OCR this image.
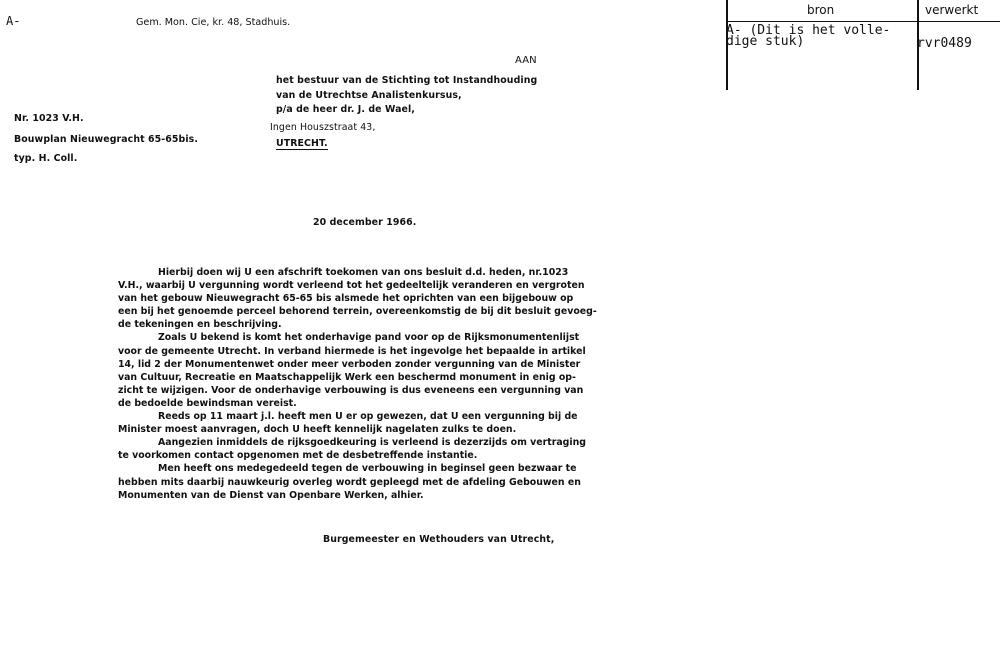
A-	Gem. Mon. Cie, kr. 48, Stadhuis.
bron	verwerkt
A- (Dit is het volle-
dige stuk)	rvr0489
AAN
het bestuur van de Stichting tot Instandhouding
van de Utrechtse Analistenkursus,
p/a de heer dr. J. de Wael,
Ingen Houszstraat 43,
UTRECHT.
Nr. 1023 V.H.
Bouwplan Nieuwegracht 65-65bis.
typ. H. Coll.
20 december 1966.

Hierbij doen wij U een afschrift toekomen van ons besluit d.d. heden, nr.1023

V.H., waarbij U vergunning wordt verleend tot het gedeeltelijk veranderen en vergroten

van het gebouw Nieuwegracht 65-65 bis alsmede het oprichten van een bijgebouw op

een bij het genoemde perceel behorend terrein, overeenkomstig de bij dit besluit gevoeg-

de tekeningen en beschrijving.

Zoals U bekend is komt het onderhavige pand voor op de Rijksmonumentenlijst

voor de gemeente Utrecht. In verband hiermede is het ingevolge het bepaalde in artikel

14, lid 2 der Monumentenwet onder meer verboden zonder vergunning van de Minister

van Cultuur, Recreatie en Maatschappelijk Werk een beschermd monument in enig op-

zicht te wijzigen. Voor de onderhavige verbouwing is dus eveneens een vergunning van

de bedoelde bewindsman vereist.

Reeds op 11 maart j.l. heeft men U er op gewezen, dat U een vergunning bij de

Minister moest aanvragen, doch U heeft kennelijk nagelaten zulks te doen.

Aangezien inmiddels de rijksgoedkeuring is verleend is dezerzijds om vertraging

te voorkomen contact opgenomen met de desbetreffende instantie.

Men heeft ons medegedeeld tegen de verbouwing in beginsel geen bezwaar te

hebben mits daarbij nauwkeurig overleg wordt gepleegd met de afdeling Gebouwen en

Monumenten van de Dienst van Openbare Werken, alhier.

Burgemeester en Wethouders van Utrecht,
